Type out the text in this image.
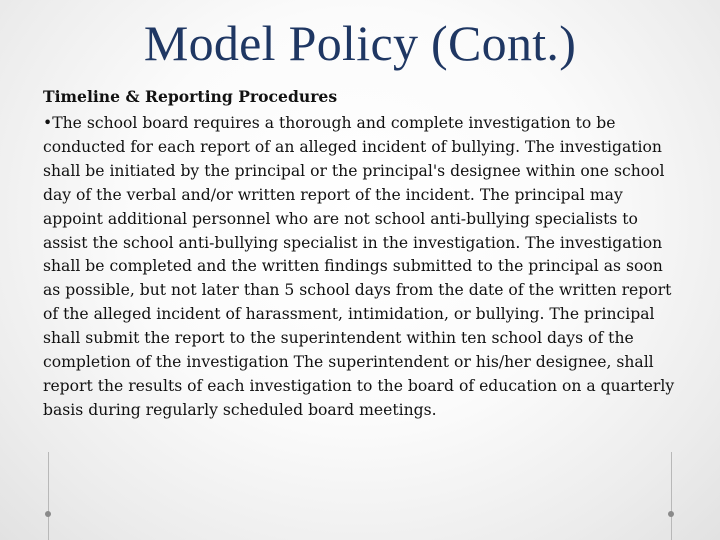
Model Policy (Cont.)
Timeline & Reporting Procedures

•The school board requires a thorough and complete investigation to be conducted for each report of an alleged incident of bullying. The investigation shall be initiated by the principal or the principal's designee within one school day of the verbal and/or written report of the incident. The principal may appoint additional personnel who are not school anti-bullying specialists to assist the school anti-bullying specialist in the investigation. The investigation shall be completed and the written findings submitted to the principal as soon as possible, but not later than 5 school days from the date of the written report of the alleged incident of harassment, intimidation, or bullying. The principal shall submit the report to the superintendent within ten school days of the completion of the investigation The superintendent or his/her designee, shall report the results of each investigation to the board of education on a quarterly basis during regularly scheduled board meetings.
